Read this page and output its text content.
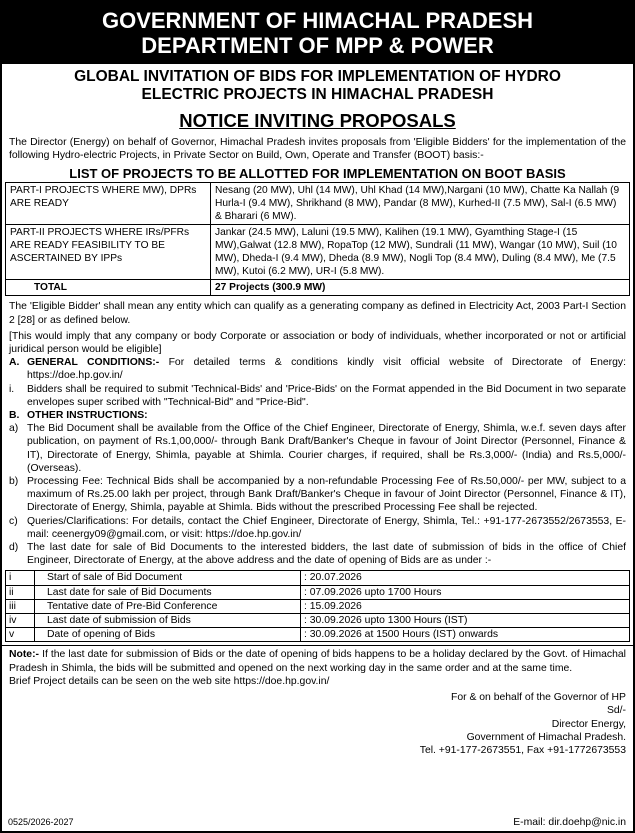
GOVERNMENT OF HIMACHAL PRADESH
DEPARTMENT OF MPP & POWER
GLOBAL INVITATION OF BIDS FOR IMPLEMENTATION OF HYDRO
ELECTRIC PROJECTS IN HIMACHAL PRADESH
NOTICE INVITING PROPOSALS
The Director (Energy) on behalf of Governor, Himachal Pradesh invites proposals from 'Eligible Bidders' for the implementation of the following Hydro-electric Projects, in Private Sector on Build, Own, Operate and Transfer (BOOT) basis:-
LIST OF PROJECTS TO BE ALLOTTED FOR IMPLEMENTATION ON BOOT BASIS
PART-I PROJECTS WHERE MW), DPRs ARE READY	Nesang (20 MW), Uhl (14 MW), Uhl Khad (14 MW),Nargani (10 MW), Chatte Ka Nallah (9 Hurla-I (9.4 MW), Shrikhand (8 MW), Pandar (8 MW), Kurhed-II (7.5 MW), Sal-I (6.5 MW) & Bharari (6 MW).
PART-II PROJECTS WHERE IRs/PFRs ARE READY FEASIBILITY TO BE ASCERTAINED BY IPPs	Jankar (24.5 MW), Laluni (19.5 MW), Kalihen (19.1 MW), Gyamthing Stage-I (15 MW),Galwat (12.8 MW), RopaTop (12 MW), Sundrali (11 MW), Wangar (10 MW), Suil (10 MW), Dheda-I (9.4 MW), Dheda (8.9 MW), Nogli Top (8.4 MW), Duling (8.4 MW), Me (7.5 MW), Kutoi (6.2 MW), UR-I (5.8 MW).
TOTAL	27 Projects (300.9 MW)
The 'Eligible Bidder' shall mean any entity which can qualify as a generating company as defined in Electricity Act, 2003 Part-I Section 2 [28] or as defined below.
[This would imply that any company or body Corporate or association or body of individuals, whether incorporated or not or artificial juridical person would be eligible]
A. GENERAL CONDITIONS:- For detailed terms & conditions kindly visit official website of Directorate of Energy: https://doe.hp.gov.in/
i.	Bidders shall be required to submit 'Technical-Bids' and 'Price-Bids' on the Format appended in the Bid Document in two separate envelopes super scribed with "Technical-Bid" and "Price-Bid".
B. OTHER INSTRUCTIONS:
a) The Bid Document shall be available from the Office of the Chief Engineer, Directorate of Energy, Shimla, w.e.f. seven days after publication, on payment of Rs.1,00,000/- through Bank Draft/Banker's Cheque in favour of Joint Director (Personnel, Finance & IT), Directorate of Energy, Shimla, payable at Shimla. Courier charges, if required, shall be Rs.3,000/- (India) and Rs.5,000/- (Overseas).
b) Processing Fee: Technical Bids shall be accompanied by a non-refundable Processing Fee of Rs.50,000/- per MW, subject to a maximum of Rs.25.00 lakh per project, through Bank Draft/Banker's Cheque in favour of Joint Director (Personnel, Finance & IT), Directorate of Energy, Shimla, payable at Shimla. Bids without the prescribed Processing Fee shall be rejected.
c) Queries/Clarifications: For details, contact the Chief Engineer, Directorate of Energy, Shimla, Tel.: +91-177-2673552/2673553, E-mail: ceenergy09@gmail.com, or visit: https://doe.hp.gov.in/
d) The last date for sale of Bid Documents to the interested bidders, the last date of submission of bids in the office of Chief Engineer, Directorate of Energy, at the above address and the date of opening of Bids are as under :-
i	Start of sale of Bid Document	: 20.07.2026
ii	Last date for sale of Bid Documents	: 07.09.2026 upto 1700 Hours
iii	Tentative date of Pre-Bid Conference	: 15.09.2026
iv	Last date of submission of Bids	: 30.09.2026 upto 1300 Hours (IST)
v	Date of opening of Bids	: 30.09.2026 at 1500 Hours (IST) onwards
Note:- If the last date for submission of Bids or the date of opening of bids happens to be a holiday declared by the Govt. of Himachal Pradesh in Shimla, the bids will be submitted and opened on the next working day in the same order and at the same time.
Brief Project details can be seen on the web site https://doe.hp.gov.in/
For & on behalf of the Governor of HP
Sd/-
Director Energy,
Government of Himachal Pradesh.
Tel. +91-177-2673551, Fax +91-1772673553
0525/2026-2027	E-mail: dir.doehp@nic.in
